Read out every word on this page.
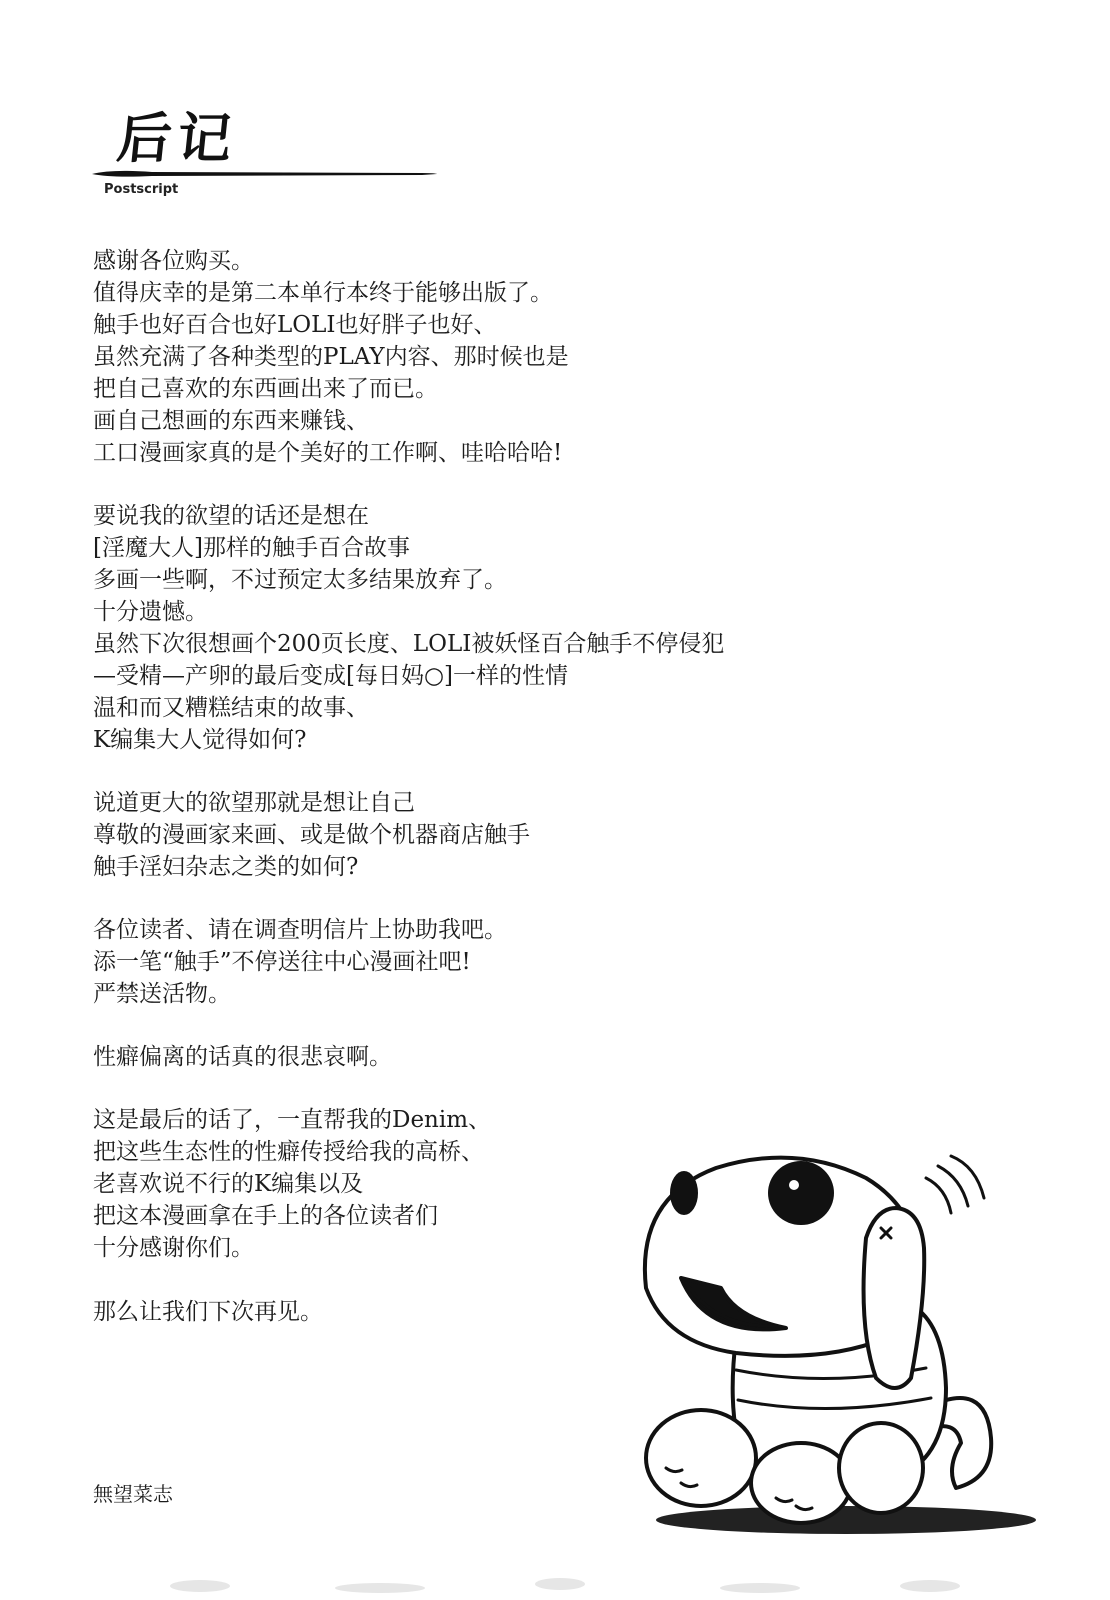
后记
Postscript
感谢各位购买。
值得庆幸的是第二本单行本终于能够出版了。
触手也好百合也好LOLI也好胖子也好、
虽然充满了各种类型的PLAY内容、那时候也是
把自己喜欢的东西画出来了而已。
画自己想画的东西来赚钱、
工口漫画家真的是个美好的工作啊、哇哈哈哈!
要说我的欲望的话还是想在
[淫魔大人]那样的触手百合故事
多画一些啊，不过预定太多结果放弃了。
十分遗憾。
虽然下次很想画个200页长度、LOLI被妖怪百合触手不停侵犯
—受精—产卵的最后变成[每日妈○]一样的性情
温和而又糟糕结束的故事、
K编集大人觉得如何?
说道更大的欲望那就是想让自己
尊敬的漫画家来画、或是做个机器商店触手
触手淫妇杂志之类的如何?
各位读者、请在调查明信片上协助我吧。
添一笔“触手”不停送往中心漫画社吧!
严禁送活物。
性癖偏离的话真的很悲哀啊。
这是最后的话了，一直帮我的Denim、
把这些生态性的性癖传授给我的高桥、
老喜欢说不行的K编集以及
把这本漫画拿在手上的各位读者们
十分感谢你们。
那么让我们下次再见。
無望菜志
